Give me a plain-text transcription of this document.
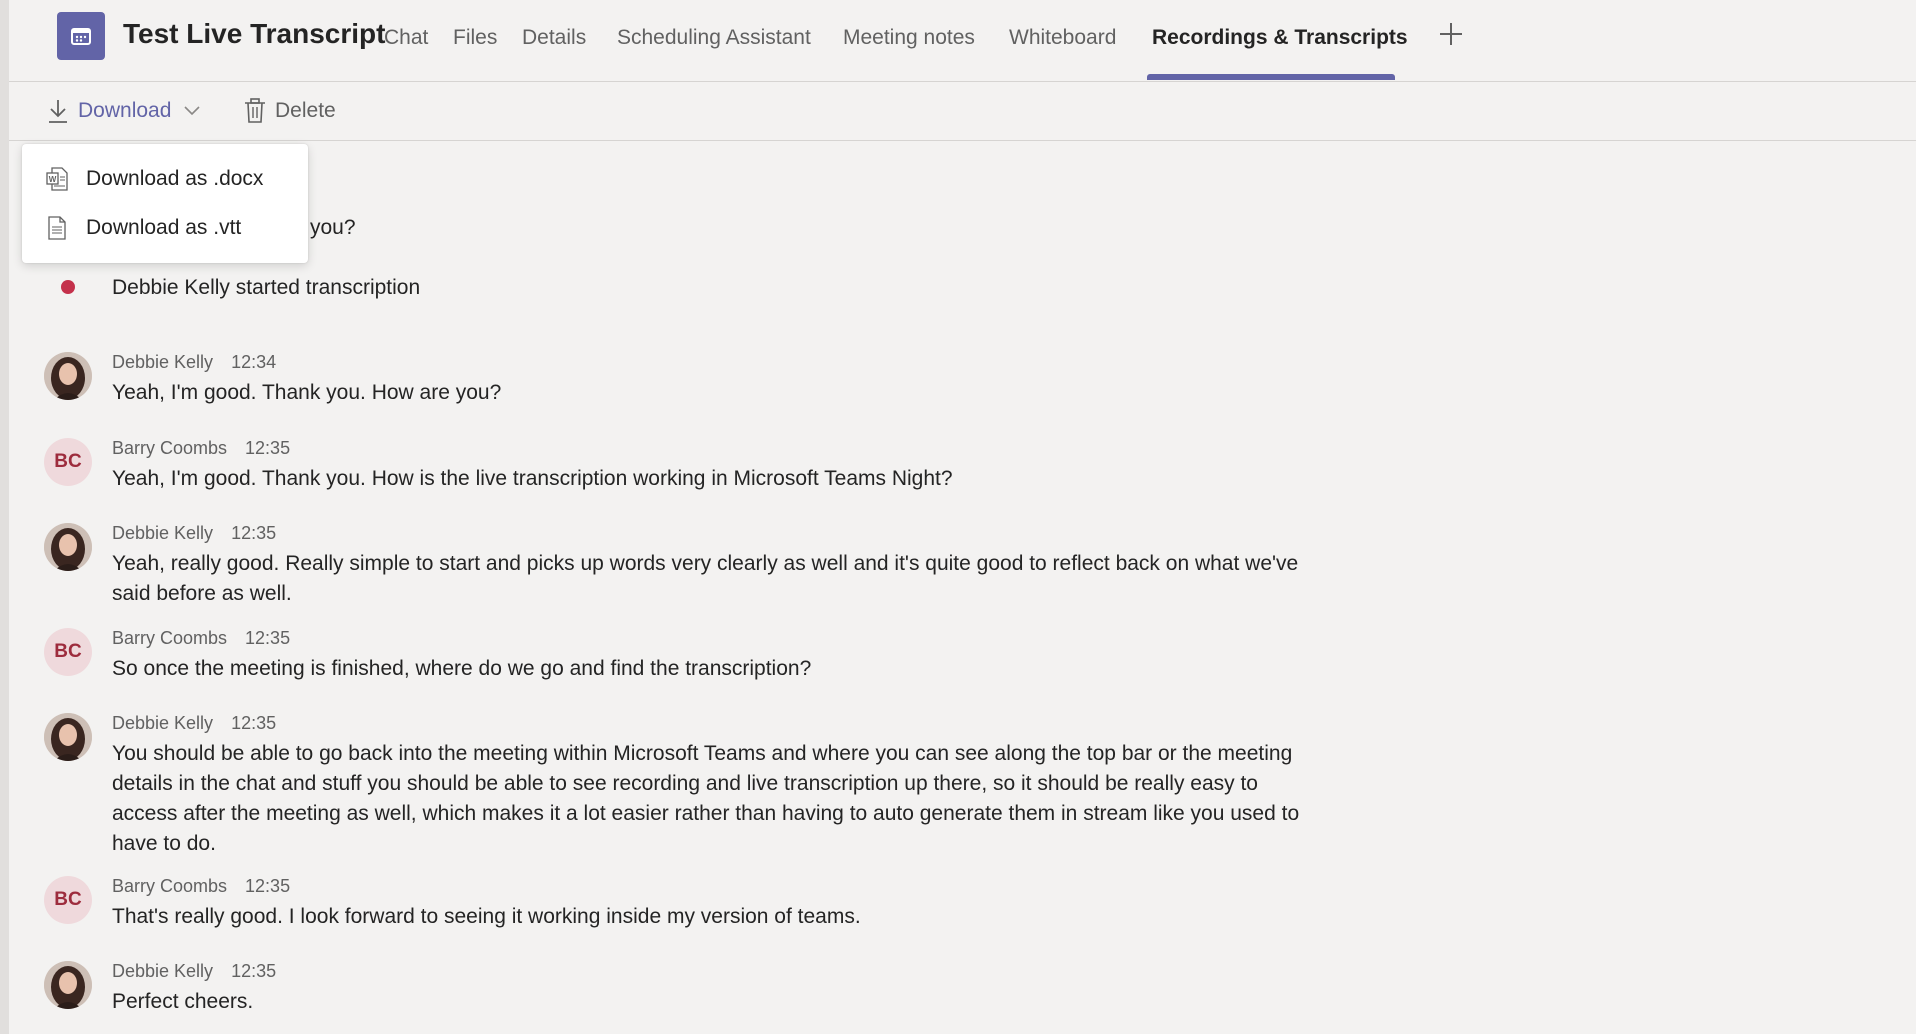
Test Live Transcript
Chat Files Details Scheduling Assistant Meeting notes Whiteboard Recordings & Transcripts
Download	Delete
you?
W Download as .docx
Download as .vtt
Debbie Kelly started transcription
Debbie Kelly 12:34
Yeah, I'm good. Thank you. How are you?
BC
Barry Coombs 12:35
Yeah, I'm good. Thank you. How is the live transcription working in Microsoft Teams Night?
Debbie Kelly 12:35
Yeah, really good. Really simple to start and picks up words very clearly as well and it's quite good to reflect back on what we've said before as well.
BC
Barry Coombs 12:35
So once the meeting is finished, where do we go and find the transcription?
Debbie Kelly 12:35
You should be able to go back into the meeting within Microsoft Teams and where you can see along the top bar or the meeting details in the chat and stuff you should be able to see recording and live transcription up there, so it should be really easy to access after the meeting as well, which makes it a lot easier rather than having to auto generate them in stream like you used to have to do.
BC
Barry Coombs 12:35
That's really good. I look forward to seeing it working inside my version of teams.
Debbie Kelly 12:35
Perfect cheers.
